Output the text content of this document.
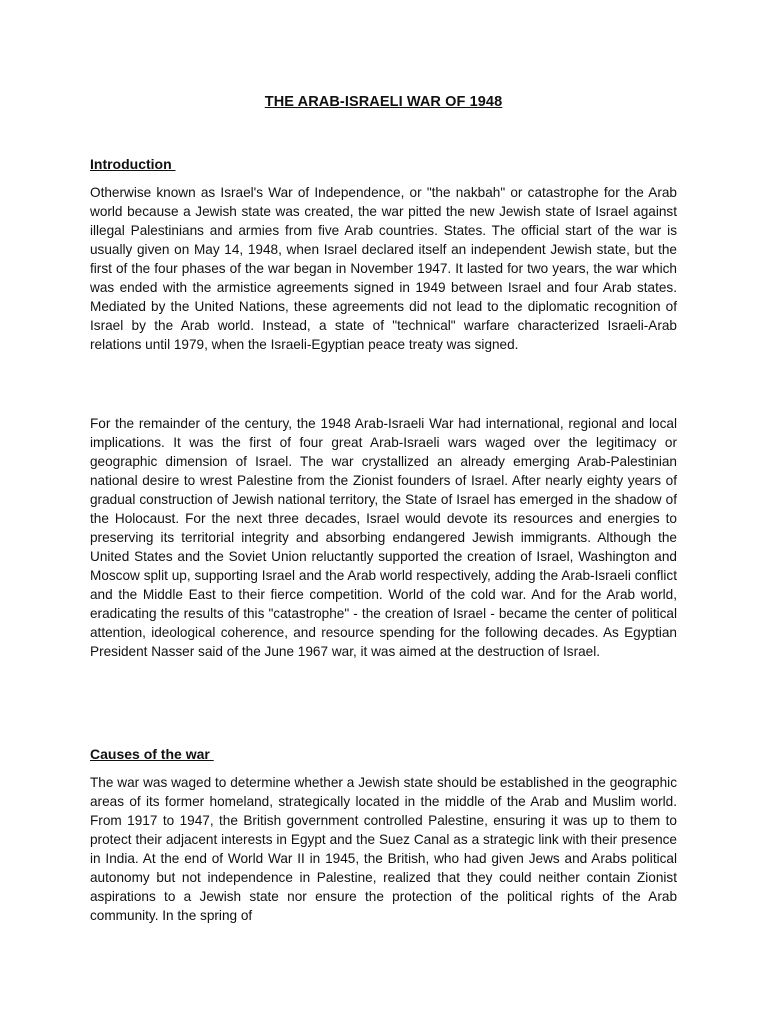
THE ARAB-ISRAELI WAR OF 1948
Introduction

Otherwise known as Israel's War of Independence, or "the nakbah" or catastrophe for the Arab world because a Jewish state was created, the war pitted the new Jewish state of Israel against illegal Palestinians and armies from five Arab countries. States. The official start of the war is usually given on May 14, 1948, when Israel declared itself an independent Jewish state, but the first of the four phases of the war began in November 1947. It lasted for two years, the war which was ended with the armistice agreements signed in 1949 between Israel and four Arab states. Mediated by the United Nations, these agreements did not lead to the diplomatic recognition of Israel by the Arab world. Instead, a state of "technical" warfare characterized Israeli-Arab relations until 1979, when the Israeli-Egyptian peace treaty was signed.

For the remainder of the century, the 1948 Arab-Israeli War had international, regional and local implications. It was the first of four great Arab-Israeli wars waged over the legitimacy or geographic dimension of Israel. The war crystallized an already emerging Arab-Palestinian national desire to wrest Palestine from the Zionist founders of Israel. After nearly eighty years of gradual construction of Jewish national territory, the State of Israel has emerged in the shadow of the Holocaust. For the next three decades, Israel would devote its resources and energies to preserving its territorial integrity and absorbing endangered Jewish immigrants. Although the United States and the Soviet Union reluctantly supported the creation of Israel, Washington and Moscow split up, supporting Israel and the Arab world respectively, adding the Arab-Israeli conflict and the Middle East to their fierce competition. World of the cold war. And for the Arab world, eradicating the results of this "catastrophe" - the creation of Israel - became the center of political attention, ideological coherence, and resource spending for the following decades. As Egyptian President Nasser said of the June 1967 war, it was aimed at the destruction of Israel.

Causes of the war

The war was waged to determine whether a Jewish state should be established in the geographic areas of its former homeland, strategically located in the middle of the Arab and Muslim world. From 1917 to 1947, the British government controlled Palestine, ensuring it was up to them to protect their adjacent interests in Egypt and the Suez Canal as a strategic link with their presence in India. At the end of World War II in 1945, the British, who had given Jews and Arabs political autonomy but not independence in Palestine, realized that they could neither contain Zionist aspirations to a Jewish state nor ensure the protection of the political rights of the Arab community. In the spring of
